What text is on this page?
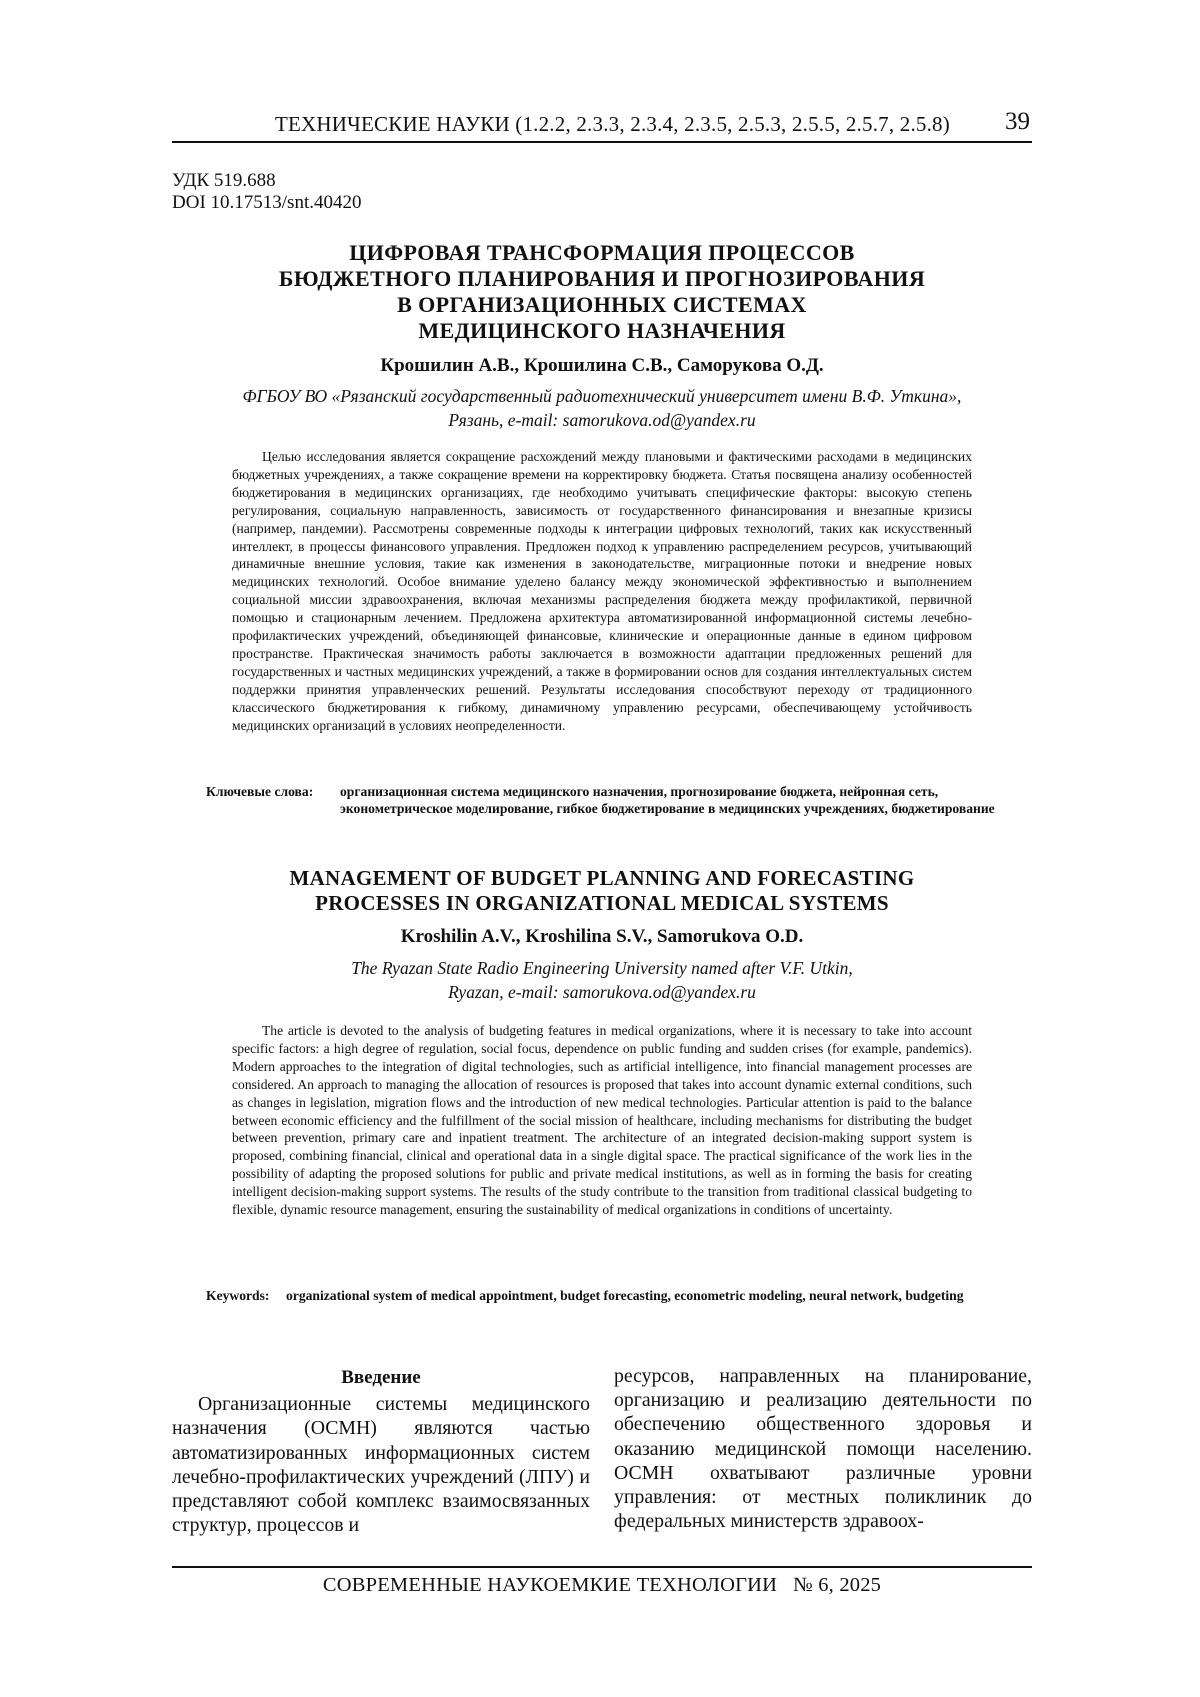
ТЕХНИЧЕСКИЕ НАУКИ (1.2.2, 2.3.3, 2.3.4, 2.3.5, 2.5.3, 2.5.5, 2.5.7, 2.5.8) 39
УДК 519.688
DOI 10.17513/snt.40420
ЦИФРОВАЯ ТРАНСФОРМАЦИЯ ПРОЦЕССОВ
БЮДЖЕТНОГО ПЛАНИРОВАНИЯ И ПРОГНОЗИРОВАНИЯ
В ОРГАНИЗАЦИОННЫХ СИСТЕМАХ
МЕДИЦИНСКОГО НАЗНАЧЕНИЯ
Крошилин А.В., Крошилина С.В., Саморукова О.Д.
ФГБОУ ВО «Рязанский государственный радиотехнический университет имени В.Ф. Уткина»,
Рязань, e-mail: samorukova.od@yandex.ru
Целью исследования является сокращение расхождений между плановыми и фактическими расходами в медицинских бюджетных учреждениях, а также сокращение времени на корректировку бюджета. Статья посвящена анализу особенностей бюджетирования в медицинских организациях, где необходимо учитывать специфические факторы: высокую степень регулирования, социальную направленность, зависимость от государственного финансирования и внезапные кризисы (например, пандемии). Рассмотрены современные подходы к интеграции цифровых технологий, таких как искусственный интеллект, в процессы финансового управления. Предложен подход к управлению распределением ресурсов, учитывающий динамичные внешние условия, такие как изменения в законодательстве, миграционные потоки и внедрение новых медицинских технологий. Особое внимание уделено балансу между экономической эффективностью и выполнением социальной миссии здравоохранения, включая механизмы распределения бюджета между профилактикой, первичной помощью и стационарным лечением. Предложена архитектура автоматизированной информационной системы лечебно-профилактических учреждений, объединяющей финансовые, клинические и операционные данные в едином цифровом пространстве. Практическая значимость работы заключается в возможности адаптации предложенных решений для государственных и частных медицинских учреждений, а также в формировании основ для создания интеллектуальных систем поддержки принятия управленческих решений. Результаты исследования способствуют переходу от традиционного классического бюджетирования к гибкому, динамичному управлению ресурсами, обеспечивающему устойчивость медицинских организаций в условиях неопределенности.
Ключевые слова: организационная система медицинского назначения, прогнозирование бюджета, нейронная сеть, эконометрическое моделирование, гибкое бюджетирование в медицинских учреждениях, бюджетирование
MANAGEMENT OF BUDGET PLANNING AND FORECASTING
PROCESSES IN ORGANIZATIONAL MEDICAL SYSTEMS
Kroshilin A.V., Kroshilina S.V., Samorukova O.D.
The Ryazan State Radio Engineering University named after V.F. Utkin,
Ryazan, e-mail: samorukova.od@yandex.ru
The article is devoted to the analysis of budgeting features in medical organizations, where it is necessary to take into account specific factors: a high degree of regulation, social focus, dependence on public funding and sudden crises (for example, pandemics). Modern approaches to the integration of digital technologies, such as artificial intelligence, into financial management processes are considered. An approach to managing the allocation of resources is proposed that takes into account dynamic external conditions, such as changes in legislation, migration flows and the introduction of new medical technologies. Particular attention is paid to the balance between economic efficiency and the fulfillment of the social mission of healthcare, including mechanisms for distributing the budget between prevention, primary care and inpatient treatment. The architecture of an integrated decision-making support system is proposed, combining financial, clinical and operational data in a single digital space. The practical significance of the work lies in the possibility of adapting the proposed solutions for public and private medical institutions, as well as in forming the basis for creating intelligent decision-making support systems. The results of the study contribute to the transition from traditional classical budgeting to flexible, dynamic resource management, ensuring the sustainability of medical organizations in conditions of uncertainty.
Keywords: organizational system of medical appointment, budget forecasting, econometric modeling, neural network, budgeting
Введение
Организационные системы медицинского назначения (ОСМН) являются частью автоматизированных информационных систем лечебно-профилактических учреждений (ЛПУ) и представляют собой комплекс взаимосвязанных структур, процессов и
ресурсов, направленных на планирование, организацию и реализацию деятельности по обеспечению общественного здоровья и оказанию медицинской помощи населению. ОСМН охватывают различные уровни управления: от местных поликлиник до федеральных министерств здравоох-
СОВРЕМЕННЫЕ НАУКОЕМКИЕ ТЕХНОЛОГИИ   № 6, 2025
